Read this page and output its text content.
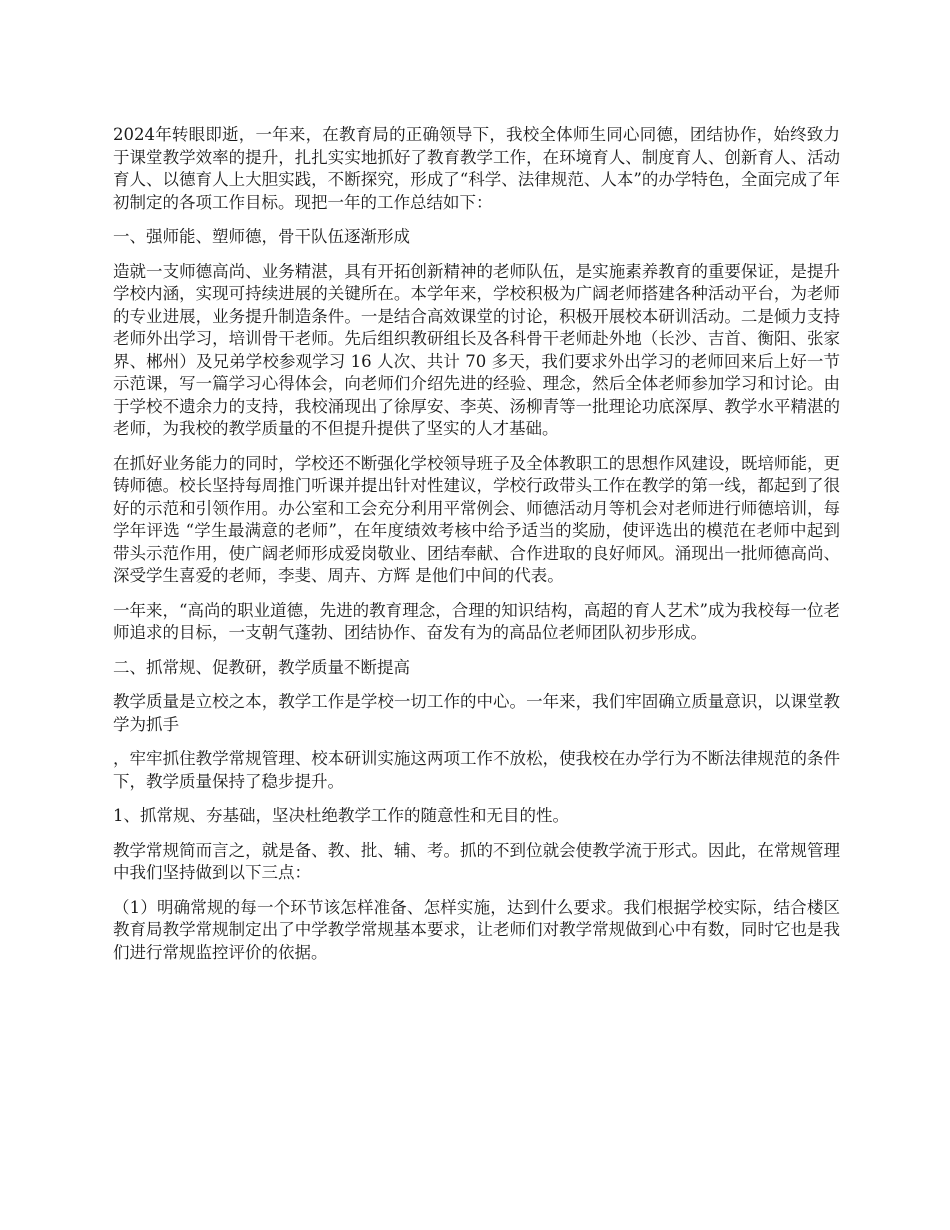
2024年转眼即逝，一年来，在教育局的正确领导下，我校全体师生同心同德，团结协作，始终致力于课堂教学效率的提升，扎扎实实地抓好了教育教学工作，在环境育人、制度育人、创新育人、活动育人、以德育人上大胆实践，不断探究，形成了“科学、法律规范、人本”的办学特色，全面完成了年初制定的各项工作目标。现把一年的工作总结如下：

一、强师能、塑师德，骨干队伍逐渐形成

造就一支师德高尚、业务精湛，具有开拓创新精神的老师队伍，是实施素养教育的重要保证，是提升学校内涵，实现可持续进展的关键所在。本学年来，学校积极为广阔老师搭建各种活动平台，为老师的专业进展，业务提升制造条件。一是结合高效课堂的讨论，积极开展校本研训活动。二是倾力支持老师外出学习，培训骨干老师。先后组织教研组长及各科骨干老师赴外地（长沙、吉首、衡阳、张家界、郴州）及兄弟学校参观学习 16 人次、共计 70 多天，我们要求外出学习的老师回来后上好一节示范课，写一篇学习心得体会，向老师们介绍先进的经验、理念，然后全体老师参加学习和讨论。由于学校不遗余力的支持，我校涌现出了徐厚安、李英、汤柳青等一批理论功底深厚、教学水平精湛的老师，为我校的教学质量的不但提升提供了坚实的人才基础。

在抓好业务能力的同时，学校还不断强化学校领导班子及全体教职工的思想作风建设，既培师能，更铸师德。校长坚持每周推门听课并提出针对性建议，学校行政带头工作在教学的第一线，都起到了很好的示范和引领作用。办公室和工会充分利用平常例会、师德活动月等机会对老师进行师德培训，每学年评选 “学生最满意的老师”，在年度绩效考核中给予适当的奖励，使评选出的模范在老师中起到带头示范作用，使广阔老师形成爱岗敬业、团结奉献、合作进取的良好师风。涌现出一批师德高尚、深受学生喜爱的老师，李斐、周卉、方辉 是他们中间的代表。

一年来，“高尚的职业道德，先进的教育理念，合理的知识结构，高超的育人艺术”成为我校每一位老师追求的目标，一支朝气蓬勃、团结协作、奋发有为的高品位老师团队初步形成。

二、抓常规、促教研，教学质量不断提高

教学质量是立校之本，教学工作是学校一切工作的中心。一年来，我们牢固确立质量意识，以课堂教学为抓手

，牢牢抓住教学常规管理、校本研训实施这两项工作不放松，使我校在办学行为不断法律规范的条件下，教学质量保持了稳步提升。

1、抓常规、夯基础，坚决杜绝教学工作的随意性和无目的性。

教学常规简而言之，就是备、教、批、辅、考。抓的不到位就会使教学流于形式。因此，在常规管理中我们坚持做到以下三点：

（1）明确常规的每一个环节该怎样准备、怎样实施，达到什么要求。我们根据学校实际，结合楼区教育局教学常规制定出了中学教学常规基本要求，让老师们对教学常规做到心中有数，同时它也是我们进行常规监控评价的依据。
